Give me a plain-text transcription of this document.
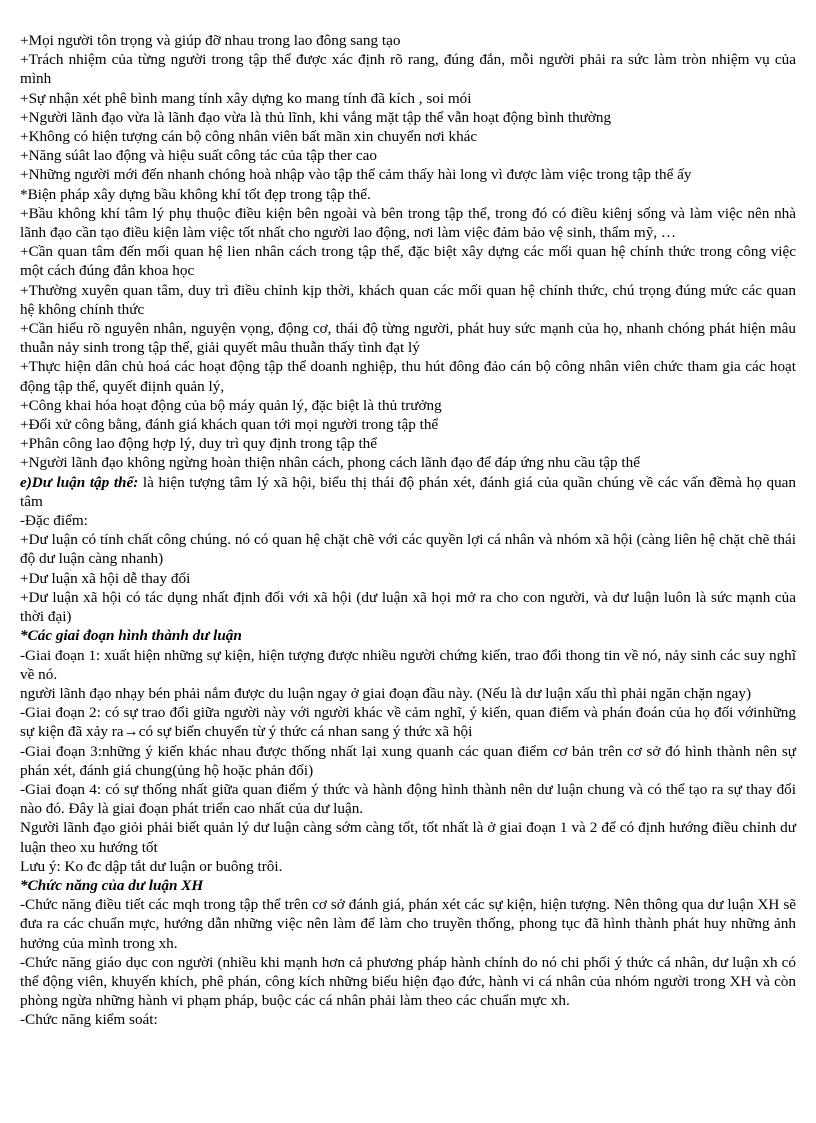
+Mọi người tôn trọng và giúp đỡ nhau trong lao đông sang tạo

+Trách nhiệm của từng người trong tập thể được xác định rõ rang, đúng đắn, mỗi người phải ra sức làm tròn nhiệm vụ của mình

+Sự nhận xét phê bình mang tính xây dựng ko mang tính đã kích , soi mói

+Người lãnh đạo vừa là lãnh đạo vừa là thủ lĩnh, khi vắng mặt tập thể vẫn hoạt động bình thường

+Không có hiện tượng cán bộ công nhân viên bất mãn xin chuyển nơi khác

+Năng súât lao động và hiệu suất công tác của tập ther cao

+Những người mới đến nhanh chóng hoà nhập vào tập thể cảm thấy hài long vì được làm việc trong tập thể ấy

*Biện pháp xây dựng bầu không khí tốt đẹp trong tập thể.

+Bầu không khí tâm lý phụ thuộc điều kiện bên ngoài và bên trong tập thể, trong đó có điều kiênj sống và làm việc nên nhà lãnh đạo cần tạo điều kiện làm việc tốt nhất cho người lao động, nơi làm việc đảm bảo vệ sinh, thẩm mỹ, …

+Cần quan tâm đến mối quan hệ lien nhân cách trong tập thể, đặc biệt xây dựng các mối quan hệ chính thức trong công việc một cách đúng đắn khoa học

+Thường xuyên quan tâm, duy trì điều chỉnh kịp thời, khách quan các mối quan hệ chính thức, chú trọng đúng mức các quan hệ không chính thức

+Cần hiểu rõ nguyên nhân, nguyện vọng, động cơ, thái độ từng người, phát huy sức mạnh của họ, nhanh chóng phát hiện mâu thuẫn nảy sinh trong tập thể, giải quyết mâu thuẫn thấy tình đạt lý

+Thực hiện dân chủ hoá các hoạt động tập thể doanh nghiệp, thu hút đông đảo cán bộ công nhân viên chức tham gia các hoạt động tập thể, quyết điịnh quản lý,

+Công khai hóa hoạt động của bộ máy quản lý, đặc biệt là thủ trưởng

+Đối xử công bằng, đánh giá khách quan tới mọi người trong tập thể

+Phân công lao động hợp lý, duy trì quy định trong tập thể

+Người lãnh đạo không ngừng hoàn thiện nhân cách, phong cách lãnh đạo để đáp ứng nhu cầu tập thể

e)Dư luận tập thể: là hiện tượng tâm lý xã hội, biểu thị thái độ phán xét, đánh giá của quần chúng về các vấn đềmà họ quan tâm

-Đặc điểm:

+Dư luận có tính chất công chúng. nó có quan hệ chặt chẽ với các quyền lợi cá nhân và nhóm xã hội (càng liên hệ chặt chẽ thái độ dư luận càng nhanh)

+Dư luận xã hội dễ thay đổi

+Dư luận xã hội có tác dụng nhất định đối với xã hội (dư luận xã họi mở ra cho con người, và dư luận luôn là sức mạnh của thời đại)

*Các giai đoạn hình thành dư luận

-Giai đoạn 1: xuất hiện những sự kiện, hiện tượng được nhiều người chứng kiến, trao đổi thong tin về nó, nảy sinh các suy nghĩ về nó.

người lãnh đạo nhạy bén phải nắm được du luận ngay ở giai đoạn đầu này. (Nếu là dư luận xấu thì phải ngăn chặn ngay)

-Giai đoạn 2: có sự trao đổi giữa người này với người khác về cảm nghĩ, ý kiến, quan điểm và phán đoán của họ đối vớinhững sự kiện đã xảy ra→có sự biến chuyển từ ý thức cá nhan sang ý thức xã hội

-Giai đoạn 3:những ý kiến khác nhau được thống nhất lại xung quanh các quan điểm cơ bản trên cơ sở đó hình thành nên sự phán xét, đánh giá chung(ủng hộ hoặc phản đối)

-Giai đoạn 4: có sự thống nhất giữa quan điểm ý thức và hành động hình thành nên dư luận chung và có thể tạo ra sự thay đổi nào đó. Đây là giai đoạn phát triển cao nhất của dư luận.

Người lãnh đạo giỏi phải biết quản lý dư luận càng sớm càng tốt, tốt nhất là ở giai đoạn 1 và 2 để có định hướng điều chỉnh dư luận theo xu hướng tốt

Lưu ý: Ko đc dập tắt dư luận or buông trôi.

*Chức năng của dư luận XH

-Chức năng điều tiết các mqh trong tập thể trên cơ sở đánh giá, phán xét các sự kiện, hiện tượng. Nên thông qua dư luận XH sẽ đưa ra các chuẩn mực, hướng dẫn những việc nên làm để làm cho truyền thống, phong tục đã hình thành phát huy những ảnh hưởng của mình trong xh.

-Chức năng giáo dục con người (nhiều khi mạnh hơn cả phương pháp hành chính do nó chi phối ý thức cá nhân, dư luận xh có thể động viên, khuyến khích, phê phán, công kích những biểu hiện đạo đức, hành vi cá nhân của nhóm người trong XH và còn phòng ngừa những hành vi phạm pháp, buộc các cá nhân phải làm theo các chuẩn mực xh.

-Chức năng kiểm soát:
